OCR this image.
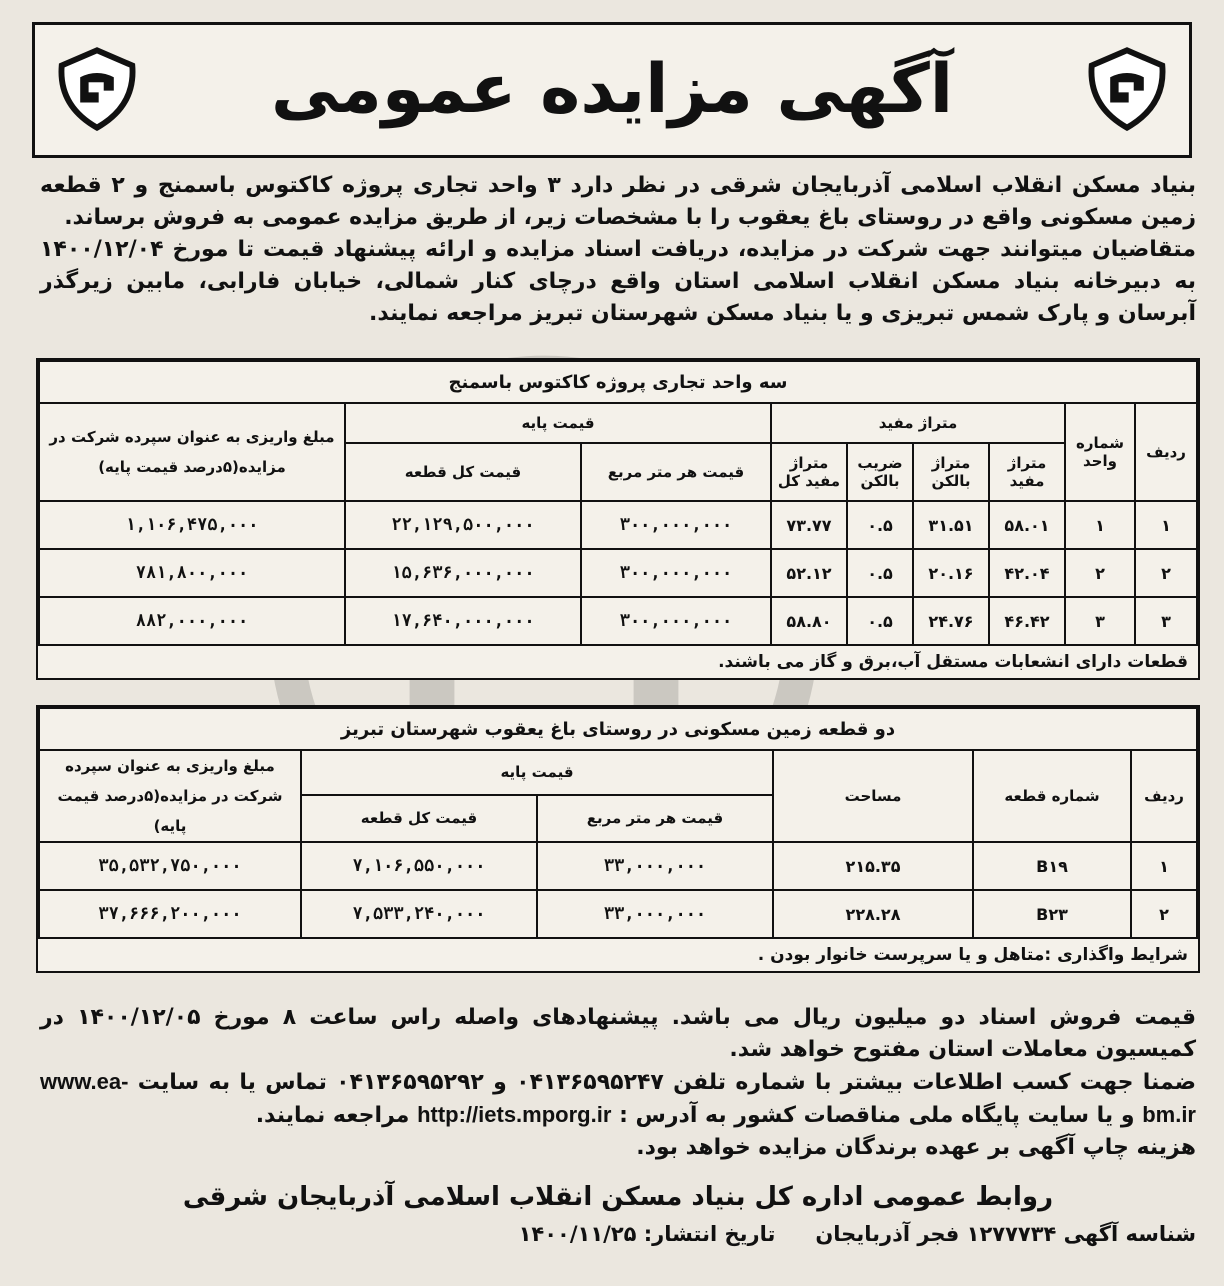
آگهی مزایده عمومی

بنیاد مسکن انقلاب اسلامی آذربایجان شرقی در نظر دارد ۳ واحد تجاری پروژه کاکتوس باسمنج و ۲ قطعه زمین مسکونی واقع در روستای باغ یعقوب را با مشخصات زیر، از طریق مزایده عمومی به فروش برساند.

متقاضیان میتوانند جهت شرکت در مزایده، دریافت اسناد مزایده و ارائه پیشنهاد قیمت تا مورخ ۱۴۰۰/۱۲/۰۴ به دبیرخانه بنیاد مسکن انقلاب اسلامی استان واقع درچای کنار شمالی، خیابان فارابی، مابین زیرگذر آبرسان و پارک شمس تبریزی و یا بنیاد مسکن شهرستان تبریز مراجعه نمایند.

سه واحد تجاری پروژه کاکتوس باسمنج								
ردیف	شماره واحد	متراژ مفید				قیمت پایه		مبلغ واریزی به عنوان سپرده شرکت در مزایده(۵درصد قیمت پایه)
		متراژ مفید	متراژ بالکن	ضریب بالکن	متراژ مفید کل	قیمت هر متر مربع	قیمت کل قطعه	
۱	۱	۵۸.۰۱	۳۱.۵۱	۰.۵	۷۳.۷۷	۳۰۰,۰۰۰,۰۰۰	۲۲,۱۲۹,۵۰۰,۰۰۰	۱,۱۰۶,۴۷۵,۰۰۰
۲	۲	۴۲.۰۴	۲۰.۱۶	۰.۵	۵۲.۱۲	۳۰۰,۰۰۰,۰۰۰	۱۵,۶۳۶,۰۰۰,۰۰۰	۷۸۱,۸۰۰,۰۰۰
۳	۳	۴۶.۴۲	۲۴.۷۶	۰.۵	۵۸.۸۰	۳۰۰,۰۰۰,۰۰۰	۱۷,۶۴۰,۰۰۰,۰۰۰	۸۸۲,۰۰۰,۰۰۰
قطعات دارای انشعابات مستقل آب،برق و گاز می باشند.
دو قطعه زمین مسکونی در روستای باغ یعقوب شهرستان تبریز					
ردیف	شماره قطعه	مساحت	قیمت پایه		مبلغ واریزی به عنوان سپرده شرکت در مزایده(۵درصد قیمت پایه)
			قیمت هر متر مربع	قیمت کل قطعه	
۱	B۱۹	۲۱۵.۳۵	۳۳,۰۰۰,۰۰۰	۷,۱۰۶,۵۵۰,۰۰۰	۳۵,۵۳۲,۷۵۰,۰۰۰
۲	B۲۳	۲۲۸.۲۸	۳۳,۰۰۰,۰۰۰	۷,۵۳۳,۲۴۰,۰۰۰	۳۷,۶۶۶,۲۰۰,۰۰۰
شرایط واگذاری :متاهل و یا سرپرست خانوار بودن .

قیمت فروش اسناد دو میلیون ریال می باشد. پیشنهادهای واصله راس ساعت ۸ مورخ ۱۴۰۰/۱۲/۰۵ در کمیسیون معاملات استان مفتوح خواهد شد.

ضمنا جهت کسب اطلاعات بیشتر با شماره تلفن ۰۴۱۳۶۵۹۵۲۴۷ و ۰۴۱۳۶۵۹۵۲۹۲ تماس یا به سایت www.ea-bm.ir و یا سایت پایگاه ملی مناقصات کشور به آدرس : http://iets.mporg.ir مراجعه نمایند.

هزینه چاپ آگهی بر عهده برندگان مزایده خواهد بود.

روابط عمومی اداره کل بنیاد مسکن انقلاب اسلامی آذربایجان شرقی
شناسه آگهی ۱۲۷۷۷۳۴ فجر آذربایجان
تاریخ انتشار: ۱۴۰۰/۱۱/۲۵
